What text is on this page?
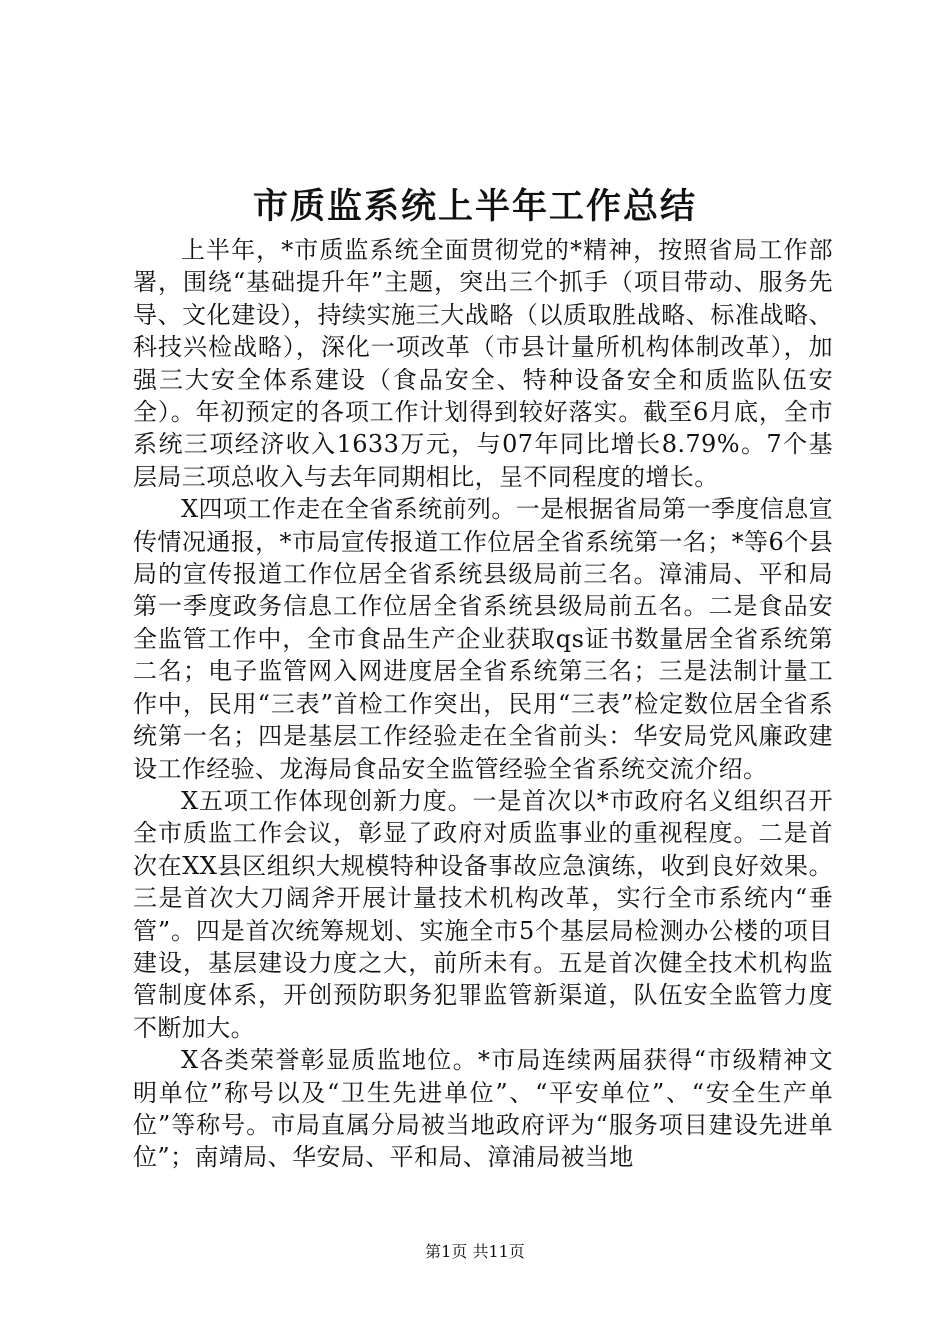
市质监系统上半年工作总结

上半年，*市质监系统全面贯彻党的*精神，按照省局工作部署，围绕“基础提升年”主题，突出三个抓手（项目带动、服务先导、文化建设），持续实施三大战略（以质取胜战略、标准战略、科技兴检战略），深化一项改革（市县计量所机构体制改革），加强三大安全体系建设（食品安全、特种设备安全和质监队伍安全）。年初预定的各项工作计划得到较好落实。截至6月底，全市系统三项经济收入1633万元，与07年同比增长8.79%。7个基层局三项总收入与去年同期相比，呈不同程度的增长。

X四项工作走在全省系统前列。一是根据省局第一季度信息宣传情况通报，*市局宣传报道工作位居全省系统第一名；*等6个县局的宣传报道工作位居全省系统县级局前三名。漳浦局、平和局第一季度政务信息工作位居全省系统县级局前五名。二是食品安全监管工作中，全市食品生产企业获取qs证书数量居全省系统第二名；电子监管网入网进度居全省系统第三名；三是法制计量工作中，民用“三表”首检工作突出，民用“三表”检定数位居全省系统第一名；四是基层工作经验走在全省前头：华安局党风廉政建设工作经验、龙海局食品安全监管经验全省系统交流介绍。

X五项工作体现创新力度。一是首次以*市政府名义组织召开全市质监工作会议，彰显了政府对质监事业的重视程度。二是首次在XX县区组织大规模特种设备事故应急演练，收到良好效果。三是首次大刀阔斧开展计量技术机构改革，实行全市系统内“垂管”。四是首次统筹规划、实施全市5个基层局检测办公楼的项目建设，基层建设力度之大，前所未有。五是首次健全技术机构监管制度体系，开创预防职务犯罪监管新渠道，队伍安全监管力度不断加大。

X各类荣誉彰显质监地位。*市局连续两届获得“市级精神文明单位”称号以及“卫生先进单位”、“平安单位”、“安全生产单位”等称号。市局直属分局被当地政府评为“服务项目建设先进单位”；南靖局、华安局、平和局、漳浦局被当地

第1页 共11页
